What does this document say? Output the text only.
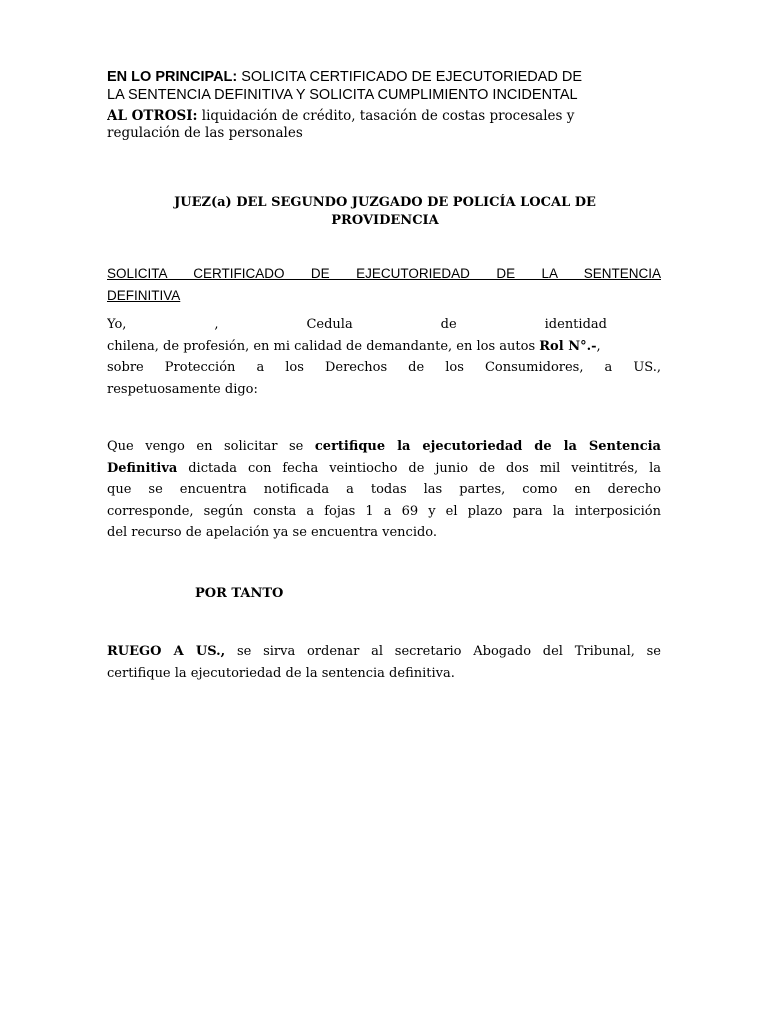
EN LO PRINCIPAL: SOLICITA CERTIFICADO DE EJECUTORIEDAD DE
LA SENTENCIA DEFINITIVA Y SOLICITA CUMPLIMIENTO INCIDENTAL
AL OTROSI: liquidación de crédito, tasación de costas procesales y
regulación de las personales
JUEZ(a) DEL SEGUNDO JUZGADO DE POLICÍA LOCAL DE
PROVIDENCIA
SOLICITA CERTIFICADO DE EJECUTORIEDAD DE LA SENTENCIA
DEFINITIVA
Yo,	,	Cedula	de	identidad
chilena, de profesión, en mi calidad de demandante, en los autos Rol N°.-,
sobre Protección a los Derechos de los Consumidores, a US.,
respetuosamente digo:
Que vengo en solicitar se certifique la ejecutoriedad de la Sentencia
Definitiva dictada con fecha veintiocho de junio de dos mil veintitrés, la
que se encuentra notificada a todas las partes, como en derecho
corresponde, según consta a fojas 1 a 69 y el plazo para la interposición
del recurso de apelación ya se encuentra vencido.
POR TANTO
RUEGO A US., se sirva ordenar al secretario Abogado del Tribunal, se
certifique la ejecutoriedad de la sentencia definitiva.
